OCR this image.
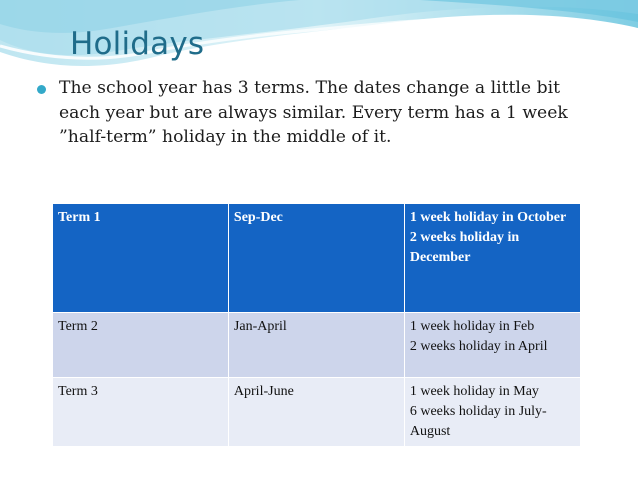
Holidays

The school year has 3 terms. The dates change a little bit each year but are always similar. Every term has a 1 week ”half-term” holiday in the middle of it.

Term 1	Sep-Dec	1 week holiday in October
2 weeks holiday in December

Term 2	Jan-April	1 week holiday in Feb
2 weeks holiday in April

Term 3	April-June	1 week holiday in May
6 weeks holiday in July-August
